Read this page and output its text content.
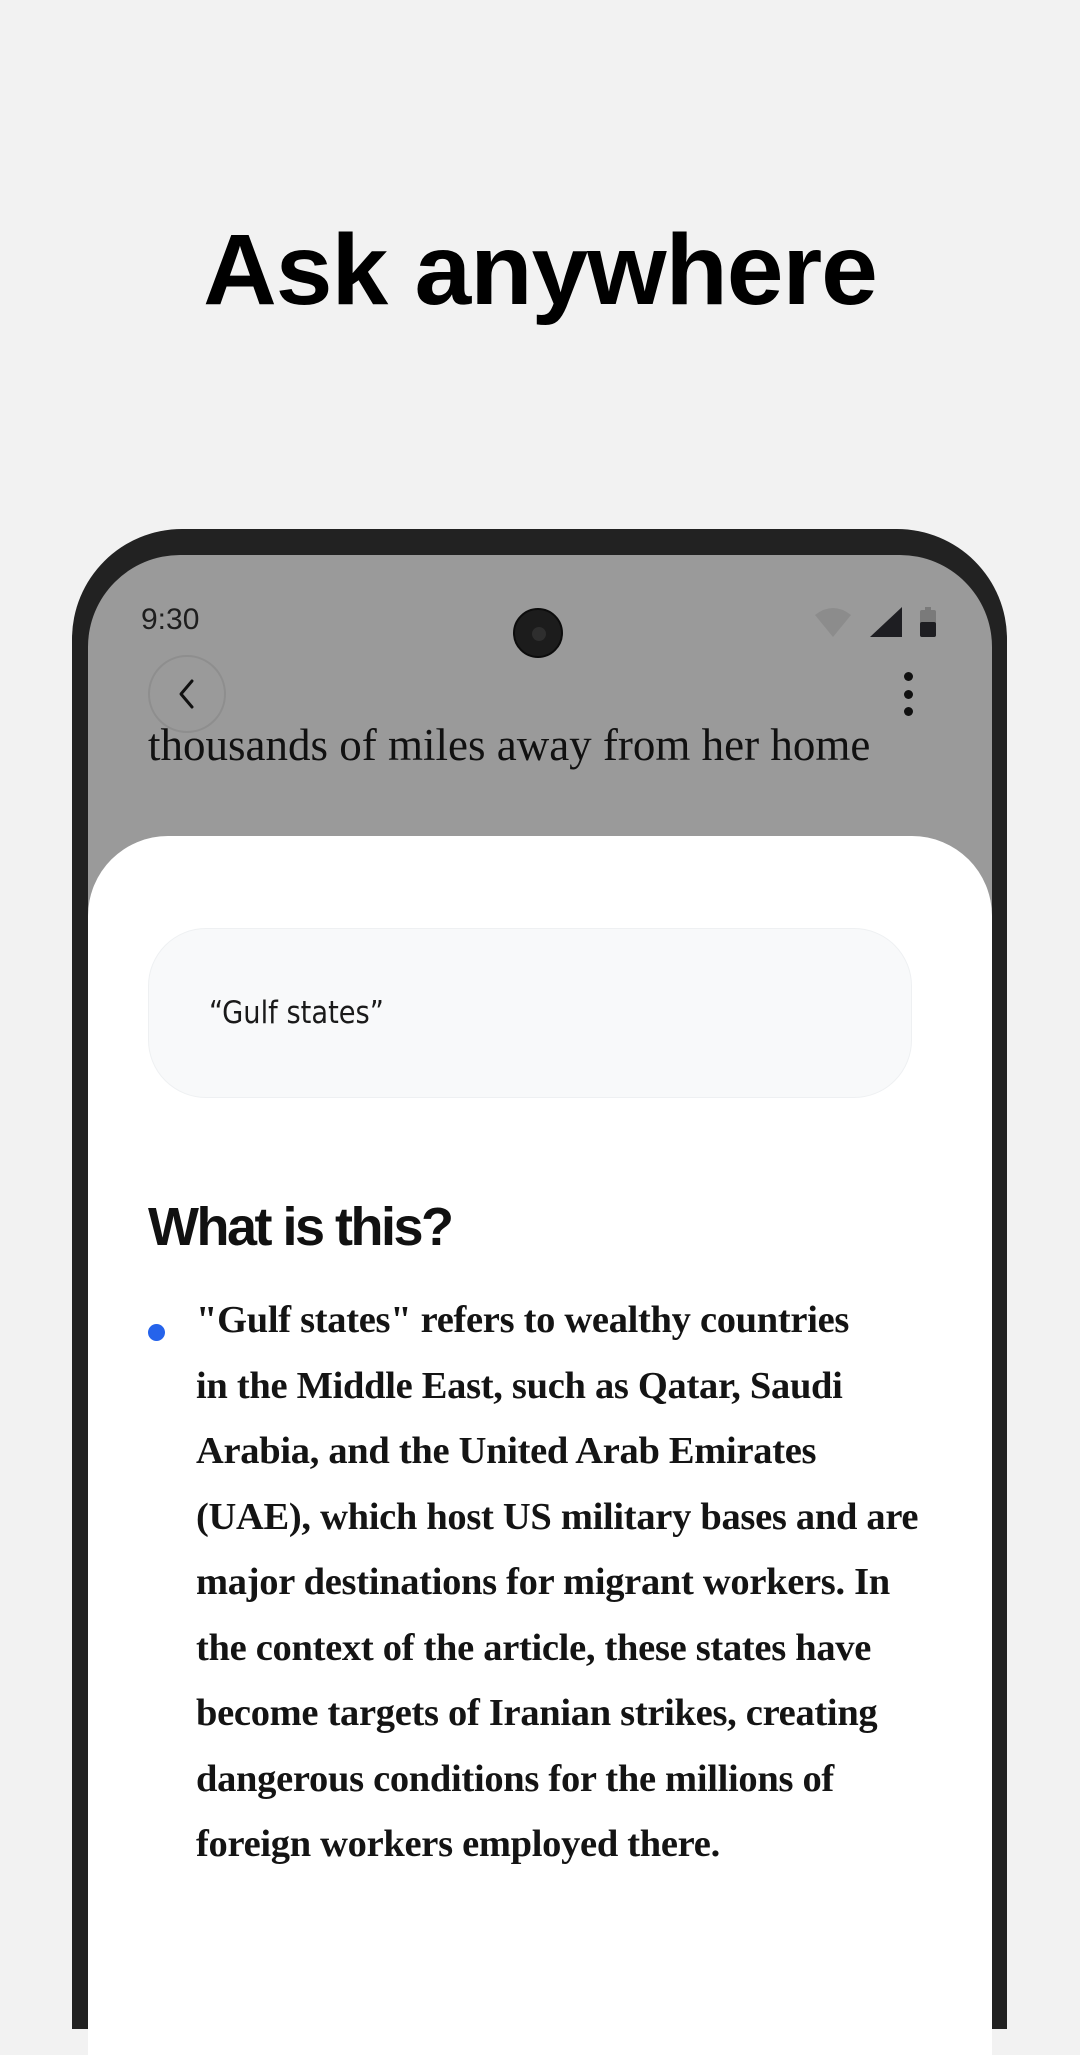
Ask anywhere
9:30
thousands of miles away from her home
“Gulf states”
What is this?
"Gulf states" refers to wealthy countries
in the Middle East, such as Qatar, Saudi
Arabia, and the United Arab Emirates
(UAE), which host US military bases and are
major destinations for migrant workers. In
the context of the article, these states have
become targets of Iranian strikes, creating
dangerous conditions for the millions of
foreign workers employed there.
